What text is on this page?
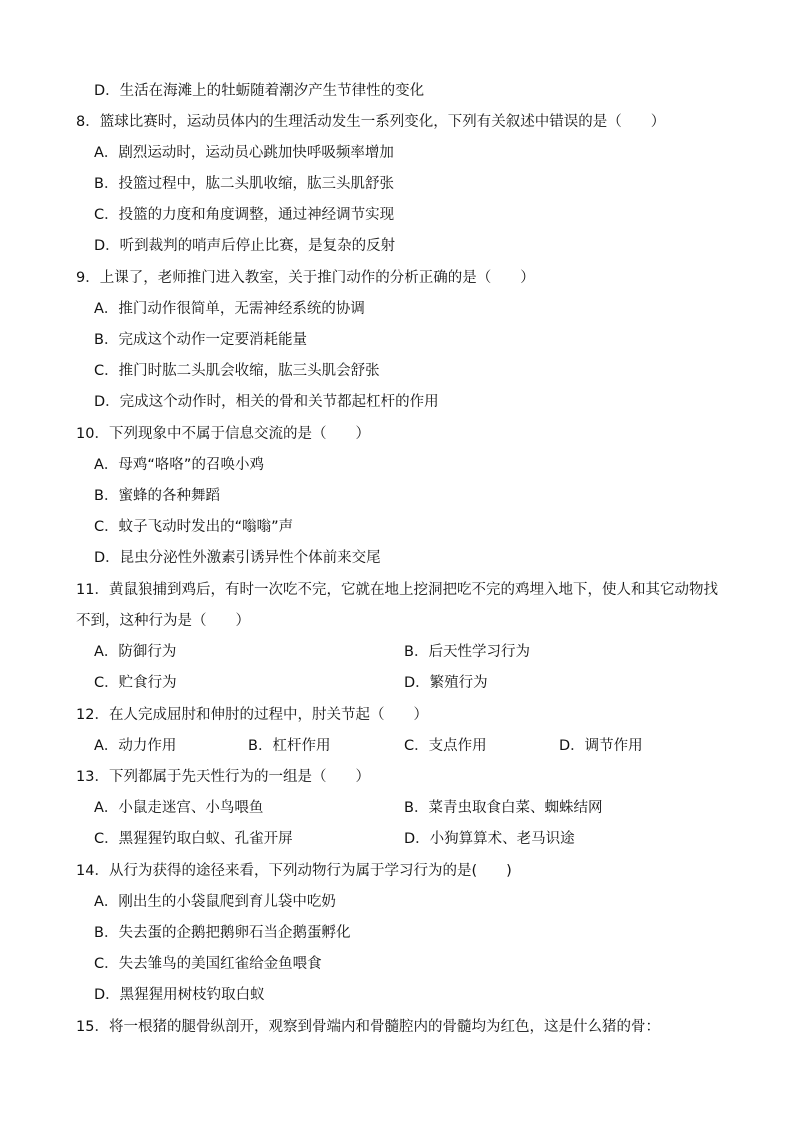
D．生活在海滩上的牡蛎随着潮汐产生节律性的变化
8．篮球比赛时，运动员体内的生理活动发生一系列变化，下列有关叙述中错误的是（　　）
A．剧烈运动时，运动员心跳加快呼吸频率增加
B．投篮过程中，肱二头肌收缩，肱三头肌舒张
C．投篮的力度和角度调整，通过神经调节实现
D．听到裁判的哨声后停止比赛，是复杂的反射
9．上课了，老师推门进入教室，关于推门动作的分析正确的是（　　）
A．推门动作很简单，无需神经系统的协调
B．完成这个动作一定要消耗能量
C．推门时肱二头肌会收缩，肱三头肌会舒张
D．完成这个动作时，相关的骨和关节都起杠杆的作用
10．下列现象中不属于信息交流的是（　　）
A．母鸡“咯咯”的召唤小鸡
B．蜜蜂的各种舞蹈
C．蚊子飞动时发出的“嗡嗡”声
D．昆虫分泌性外激素引诱异性个体前来交尾
11．黄鼠狼捕到鸡后，有时一次吃不完，它就在地上挖洞把吃不完的鸡埋入地下，使人和其它动物找
不到，这种行为是（　　）
A．防御行为	B．后天性学习行为
C．贮食行为	D．繁殖行为
12．在人完成屈肘和伸肘的过程中，肘关节起（　　）
A．动力作用	B．杠杆作用	C．支点作用	D．调节作用
13．下列都属于先天性行为的一组是（　　）
A．小鼠走迷宫、小鸟喂鱼	B．菜青虫取食白菜、蜘蛛结网
C．黑猩猩钓取白蚁、孔雀开屏	D．小狗算算术、老马识途
14．从行为获得的途径来看，下列动物行为属于学习行为的是(　　)
A．刚出生的小袋鼠爬到育儿袋中吃奶
B．失去蛋的企鹅把鹅卵石当企鹅蛋孵化
C．失去雏鸟的美国红雀给金鱼喂食
D．黑猩猩用树枝钓取白蚁
15．将一根猪的腿骨纵剖开，观察到骨端内和骨髓腔内的骨髓均为红色，这是什么猪的骨：
